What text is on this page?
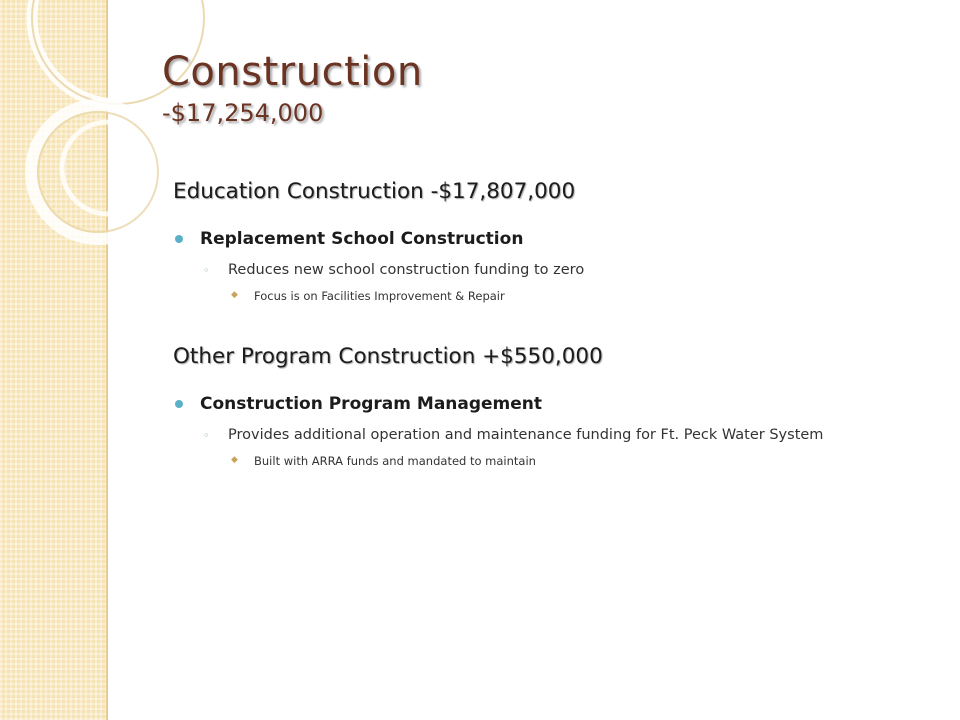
Construction
-$17,254,000
Education Construction -$17,807,000
Replacement School Construction
◦ Reduces new school construction funding to zero
◆ Focus is on Facilities Improvement & Repair
Other Program Construction +$550,000
Construction Program Management
◦ Provides additional operation and maintenance funding for Ft. Peck Water System
◆ Built with ARRA funds and mandated to maintain
